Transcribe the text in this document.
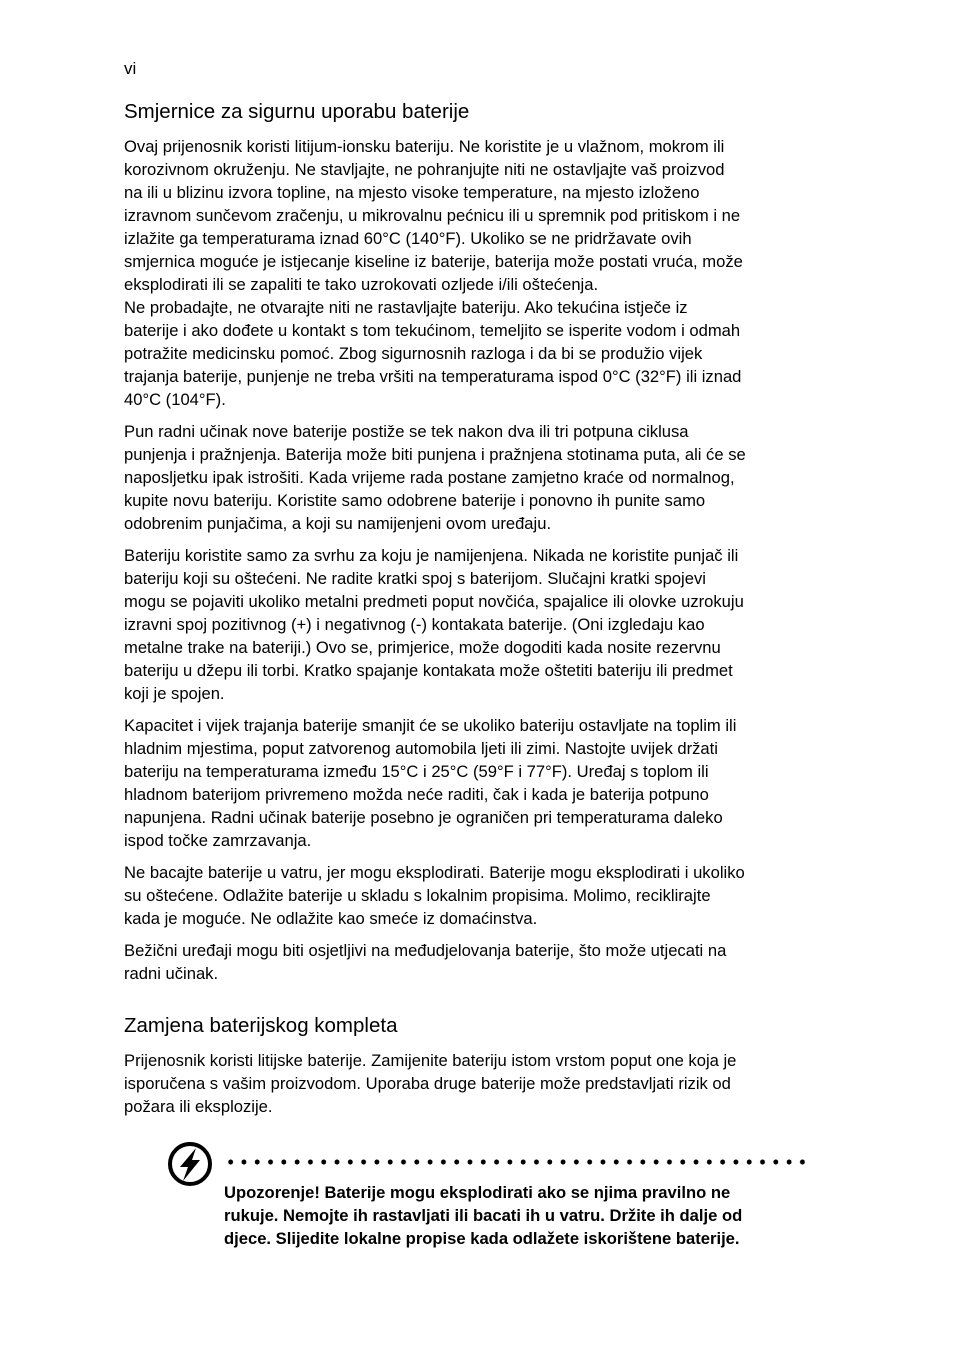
vi
Smjernice za sigurnu uporabu baterije

Ovaj prijenosnik koristi litijum-ionsku bateriju. Ne koristite je u vlažnom, mokrom ili
korozivnom okruženju. Ne stavljajte, ne pohranjujte niti ne ostavljajte vaš proizvod
na ili u blizinu izvora topline, na mjesto visoke temperature, na mjesto izloženo
izravnom sunčevom zračenju, u mikrovalnu pećnicu ili u spremnik pod pritiskom i ne
izlažite ga temperaturama iznad 60°C (140°F). Ukoliko se ne pridržavate ovih
smjernica moguće je istjecanje kiseline iz baterije, baterija može postati vruća, može
eksplodirati ili se zapaliti te tako uzrokovati ozljede i/ili oštećenja.
Ne probadajte, ne otvarajte niti ne rastavljajte bateriju. Ako tekućina istječe iz
baterije i ako dođete u kontakt s tom tekućinom, temeljito se isperite vodom i odmah
potražite medicinsku pomoć. Zbog sigurnosnih razloga i da bi se produžio vijek
trajanja baterije, punjenje ne treba vršiti na temperaturama ispod 0°C (32°F) ili iznad
40°C (104°F).

Pun radni učinak nove baterije postiže se tek nakon dva ili tri potpuna ciklusa
punjenja i pražnjenja. Baterija može biti punjena i pražnjena stotinama puta, ali će se
naposljetku ipak istrošiti. Kada vrijeme rada postane zamjetno kraće od normalnog,
kupite novu bateriju. Koristite samo odobrene baterije i ponovno ih punite samo
odobrenim punjačima, a koji su namijenjeni ovom uređaju.

Bateriju koristite samo za svrhu za koju je namijenjena. Nikada ne koristite punjač ili
bateriju koji su oštećeni. Ne radite kratki spoj s baterijom. Slučajni kratki spojevi
mogu se pojaviti ukoliko metalni predmeti poput novčića, spajalice ili olovke uzrokuju
izravni spoj pozitivnog (+) i negativnog (-) kontakata baterije. (Oni izgledaju kao
metalne trake na bateriji.) Ovo se, primjerice, može dogoditi kada nosite rezervnu
bateriju u džepu ili torbi. Kratko spajanje kontakata može oštetiti bateriju ili predmet
koji je spojen.

Kapacitet i vijek trajanja baterije smanjit će se ukoliko bateriju ostavljate na toplim ili
hladnim mjestima, poput zatvorenog automobila ljeti ili zimi. Nastojte uvijek držati
bateriju na temperaturama između 15°C i 25°C (59°F i 77°F). Uređaj s toplom ili
hladnom baterijom privremeno možda neće raditi, čak i kada je baterija potpuno
napunjena. Radni učinak baterije posebno je ograničen pri temperaturama daleko
ispod točke zamrzavanja.

Ne bacajte baterije u vatru, jer mogu eksplodirati. Baterije mogu eksplodirati i ukoliko
su oštećene. Odlažite baterije u skladu s lokalnim propisima. Molimo, reciklirajte
kada je moguće. Ne odlažite kao smeće iz domaćinstva.

Bežični uređaji mogu biti osjetljivi na međudjelovanja baterije, što može utjecati na
radni učinak.

Zamjena baterijskog kompleta

Prijenosnik koristi litijske baterije. Zamijenite bateriju istom vrstom poput one koja je
isporučena s vašim proizvodom. Uporaba druge baterije može predstavljati rizik od
požara ili eksplozije.

Upozorenje! Baterije mogu eksplodirati ako se njima pravilno ne
rukuje. Nemojte ih rastavljati ili bacati ih u vatru. Držite ih dalje od
djece. Slijedite lokalne propise kada odlažete iskorištene baterije.
